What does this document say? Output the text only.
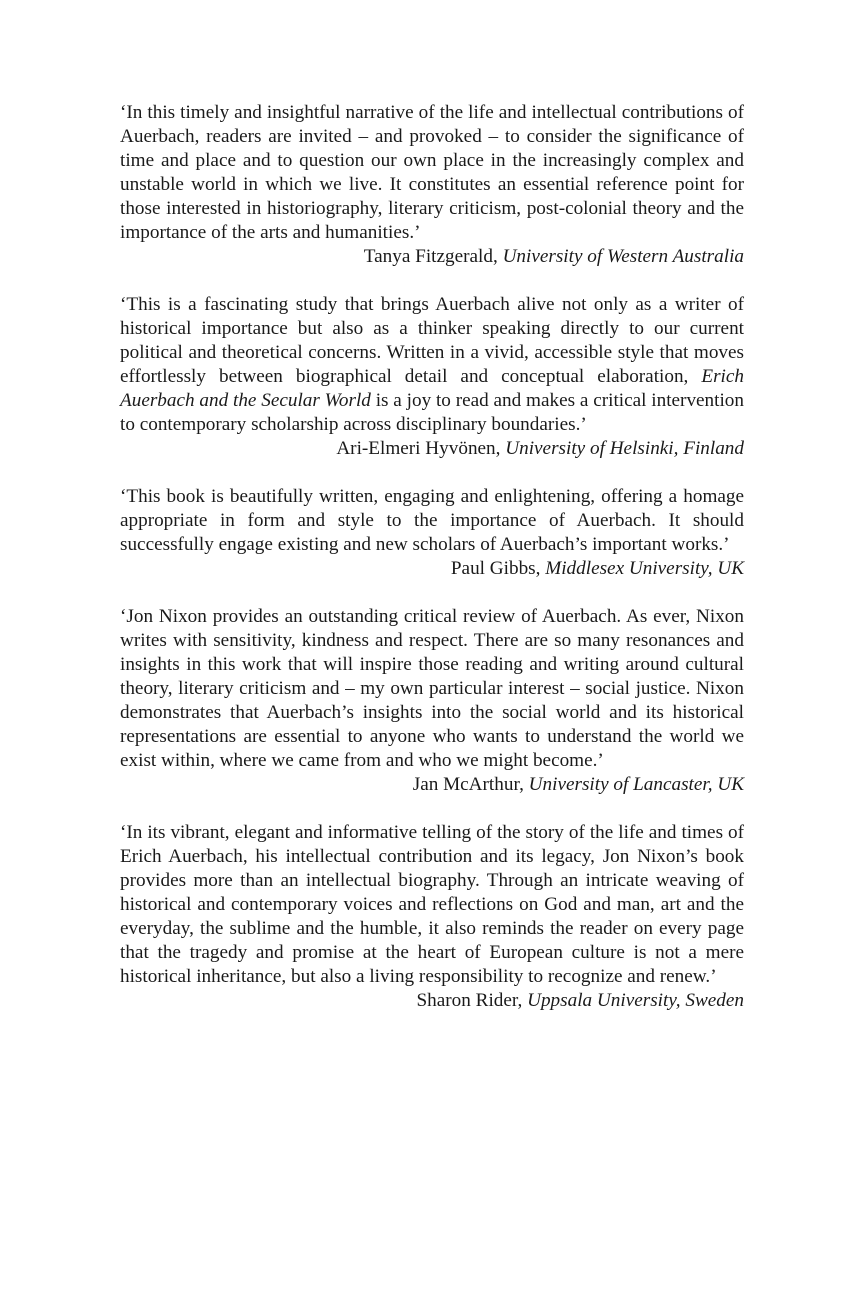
‘In this timely and insightful narrative of the life and intellectual contributions of Auerbach, readers are invited – and provoked – to consider the significance of time and place and to question our own place in the increasingly complex and unstable world in which we live. It constitutes an essential reference point for those interested in historiography, literary criticism, post-colonial theory and the importance of the arts and humanities.’

Tanya Fitzgerald, University of Western Australia

‘This is a fascinating study that brings Auerbach alive not only as a writer of historical importance but also as a thinker speaking directly to our current political and theoretical concerns. Written in a vivid, accessible style that moves effortlessly between biographical detail and conceptual elaboration, Erich Auerbach and the Secular World is a joy to read and makes a critical intervention to contemporary scholarship across disciplinary boundaries.’

Ari-Elmeri Hyvönen, University of Helsinki, Finland

‘This book is beautifully written, engaging and enlightening, offering a homage appropriate in form and style to the importance of Auerbach. It should successfully engage existing and new scholars of Auerbach’s important works.’

Paul Gibbs, Middlesex University, UK

‘Jon Nixon provides an outstanding critical review of Auerbach. As ever, Nixon writes with sensitivity, kindness and respect. There are so many resonances and insights in this work that will inspire those reading and writing around cultural theory, literary criticism and – my own particular interest – social justice. Nixon demonstrates that Auerbach’s insights into the social world and its historical representations are essential to anyone who wants to understand the world we exist within, where we came from and who we might become.’

Jan McArthur, University of Lancaster, UK

‘In its vibrant, elegant and informative telling of the story of the life and times of Erich Auerbach, his intellectual contribution and its legacy, Jon Nixon’s book provides more than an intellectual biography. Through an intricate weaving of historical and contemporary voices and reflections on God and man, art and the everyday, the sublime and the humble, it also reminds the reader on every page that the tragedy and promise at the heart of European culture is not a mere historical inheritance, but also a living responsibility to recognize and renew.’

Sharon Rider, Uppsala University, Sweden
